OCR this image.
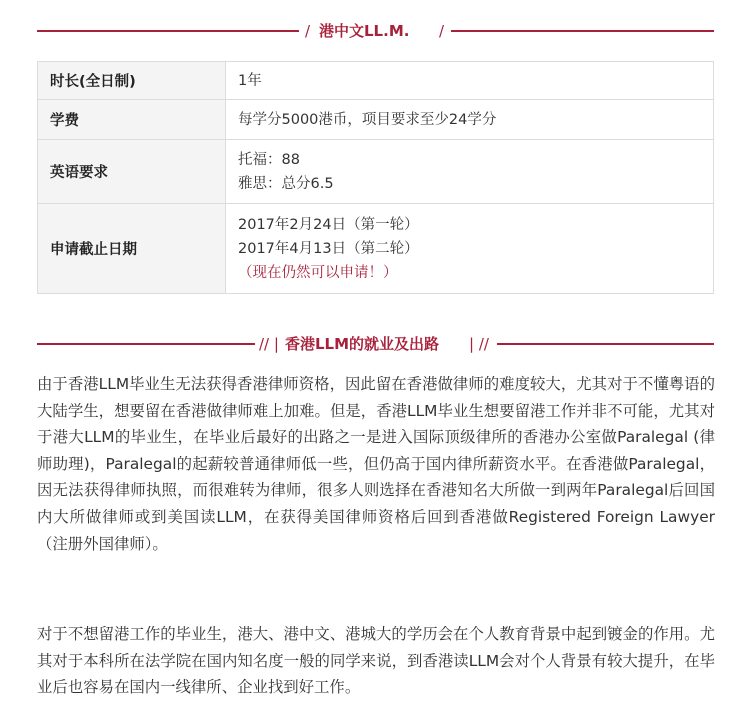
/ 港中文LL.M. /
时长(全日制)	1年

学费	每学分5000港币，项目要求至少24学分

英语要求	托福：88
雅思：总分6.5

申请截止日期	2017年2月24日（第一轮）
2017年4月13日（第二轮）
（现在仍然可以申请！）
// | 香港LLM的就业及出路 | //

由于香港LLM毕业生无法获得香港律师资格，因此留在香港做律师的难度较大，尤其对于不懂粤语的大陆学生，想要留在香港做律师难上加难。但是，香港LLM毕业生想要留港工作并非不可能，尤其对于港大LLM的毕业生，在毕业后最好的出路之一是进入国际顶级律所的香港办公室做Paralegal (律师助理)，Paralegal的起薪较普通律师低一些，但仍高于国内律所薪资水平。在香港做Paralegal，因无法获得律师执照，而很难转为律师，很多人则选择在香港知名大所做一到两年Paralegal后回国内大所做律师或到美国读LLM，在获得美国律师资格后回到香港做Registered Foreign Lawyer （注册外国律师）。

对于不想留港工作的毕业生，港大、港中文、港城大的学历会在个人教育背景中起到镀金的作用。尤其对于本科所在法学院在国内知名度一般的同学来说，到香港读LLM会对个人背景有较大提升，在毕业后也容易在国内一线律所、企业找到好工作。
